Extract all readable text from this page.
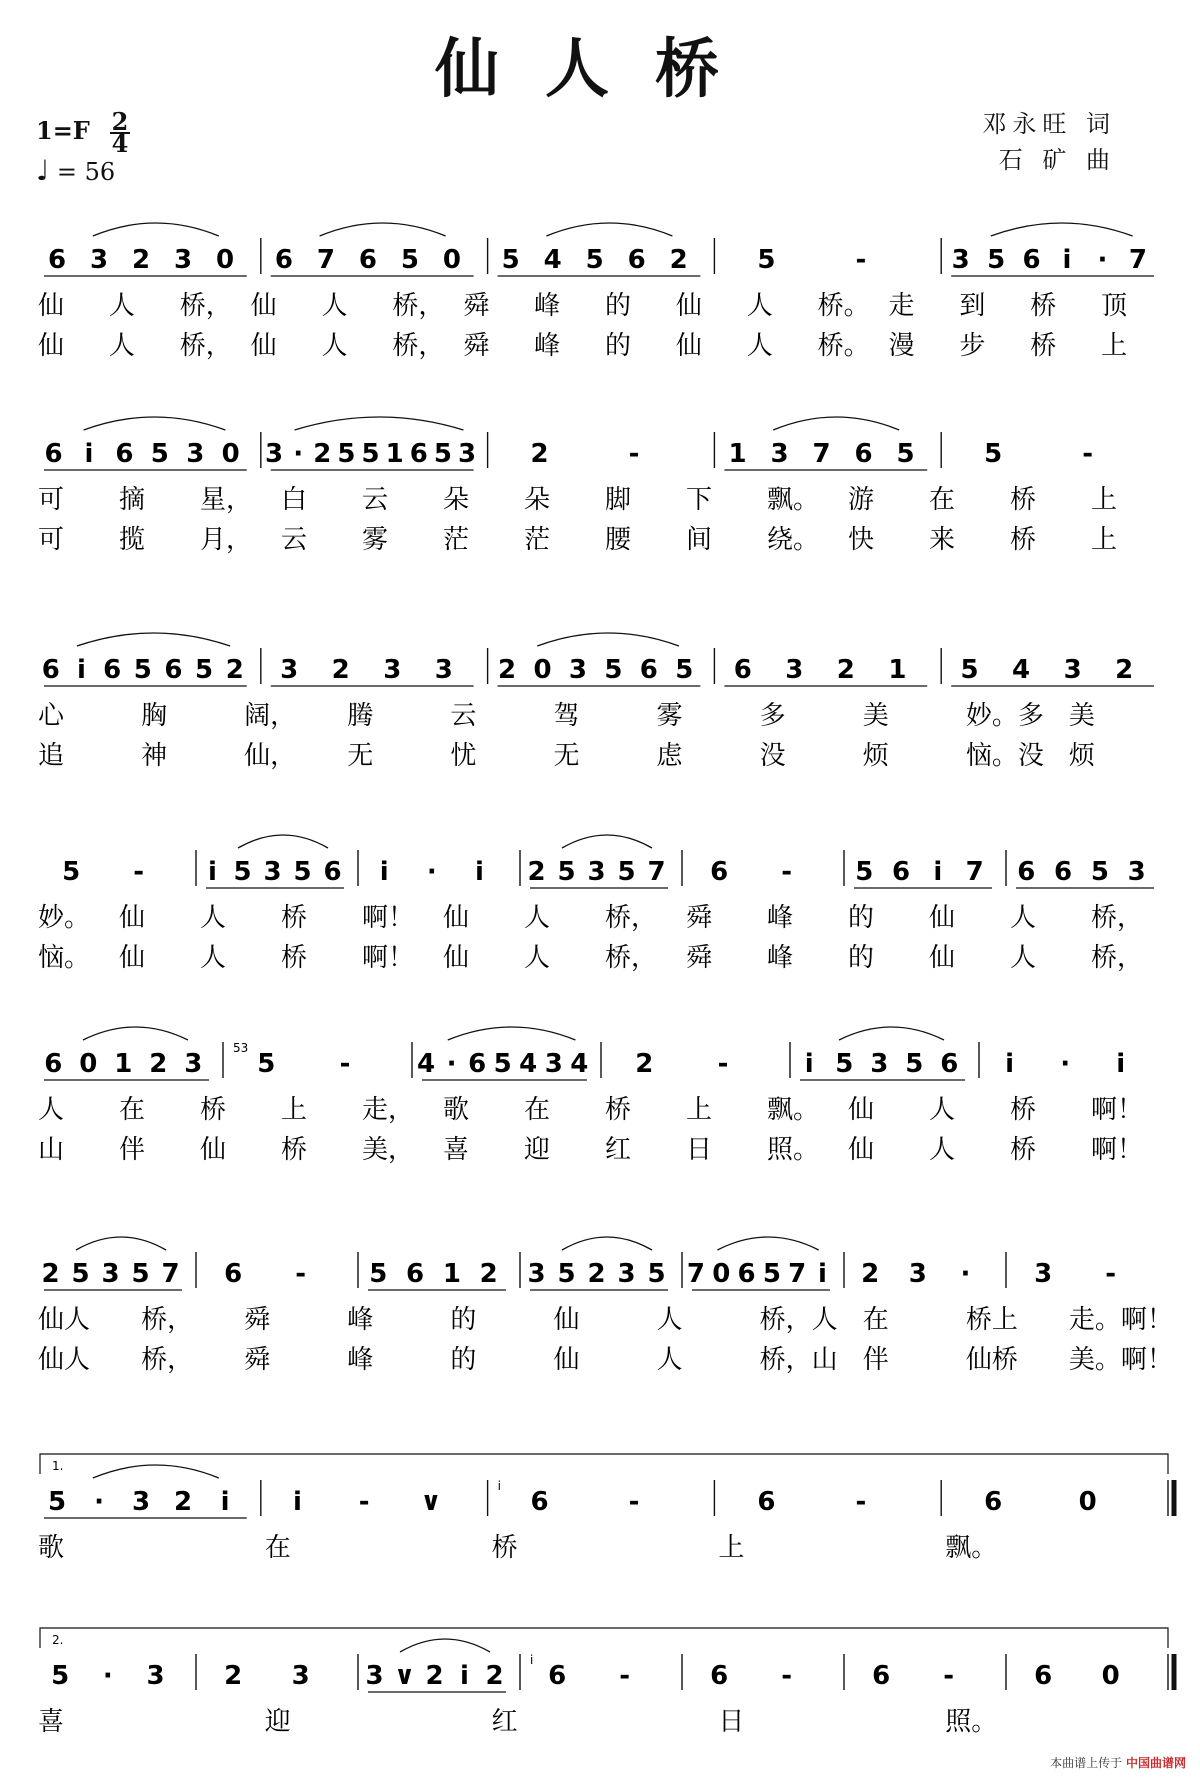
仙人桥
1=F 2
4
♩ = 56
邓永旺 词
石 矿 曲
本曲谱上传于 中国曲谱网
6 3 2 3 0 6 7 6 5 0 5 4 5 6 2	5	-	3 5 6 i · 7
仙 人 桥， 仙 人 桥， 舜 峰 的 仙 人 桥。 走 到 桥 顶
仙 人 桥， 仙 人 桥， 舜 峰 的 仙 人 桥。 漫 步 桥 上
6 i 6 5 3 0 3 · 2 5 5 1 6 5 3 2	-	1 3 7 6 5	5	-
可 摘 星， 白 云 朵 朵 脚 下 飘。 游 在 桥 上
可 揽 月， 云 雾 茫 茫 腰 间 绕。 快 来 桥 上
6 i 6 5 6 5 2 3 2 3 3 2 0 3 5 6 5 6 3 2 1 5 4 3 2
心	胸	阔， 腾	云	驾	雾	多	美	妙。多 美
追	神	仙， 无	忧	无	虑	没	烦	恼。没 烦
5 - i 5 3 5 6 i · i 2 5 3 5 7 6 - 5 6 i 7 6 6 5 3
妙。 仙 人 桥 啊！ 仙 人 桥， 舜 峰 的 仙 人 桥，
恼。 仙 人 桥 啊！ 仙 人 桥， 舜 峰 的 仙 人 桥，
6 0 1 2 3 5 -	4 · 6 5 4 3 4 2 -	i 5 3 5 6 i · i
53
人 在 桥 上 走， 歌 在 桥 上 飘。 仙 人 桥 啊！
山 伴 仙 桥 美， 喜 迎 红 日 照。 仙 人 桥 啊！
2 5 3 5 7 6 - 5 6 1 2 3 5 2 3 5 7 0 6 5 7 i 2 3 · 3 -
仙人 桥， 舜	峰	的	仙	人	桥，人 在	桥上 走。啊！
仙人 桥， 舜	峰	的	仙	人	桥，山 伴	仙桥 美。啊！
1.
5 · 3 2 i i - ∨	6	-	6	-	6	0
i
歌	在	桥	上	飘。
2.
5 · 3 2 3 3 ∨ 2 i 2 6 -	6 -	6 -	6 0
i
喜	迎	红	日	照。
